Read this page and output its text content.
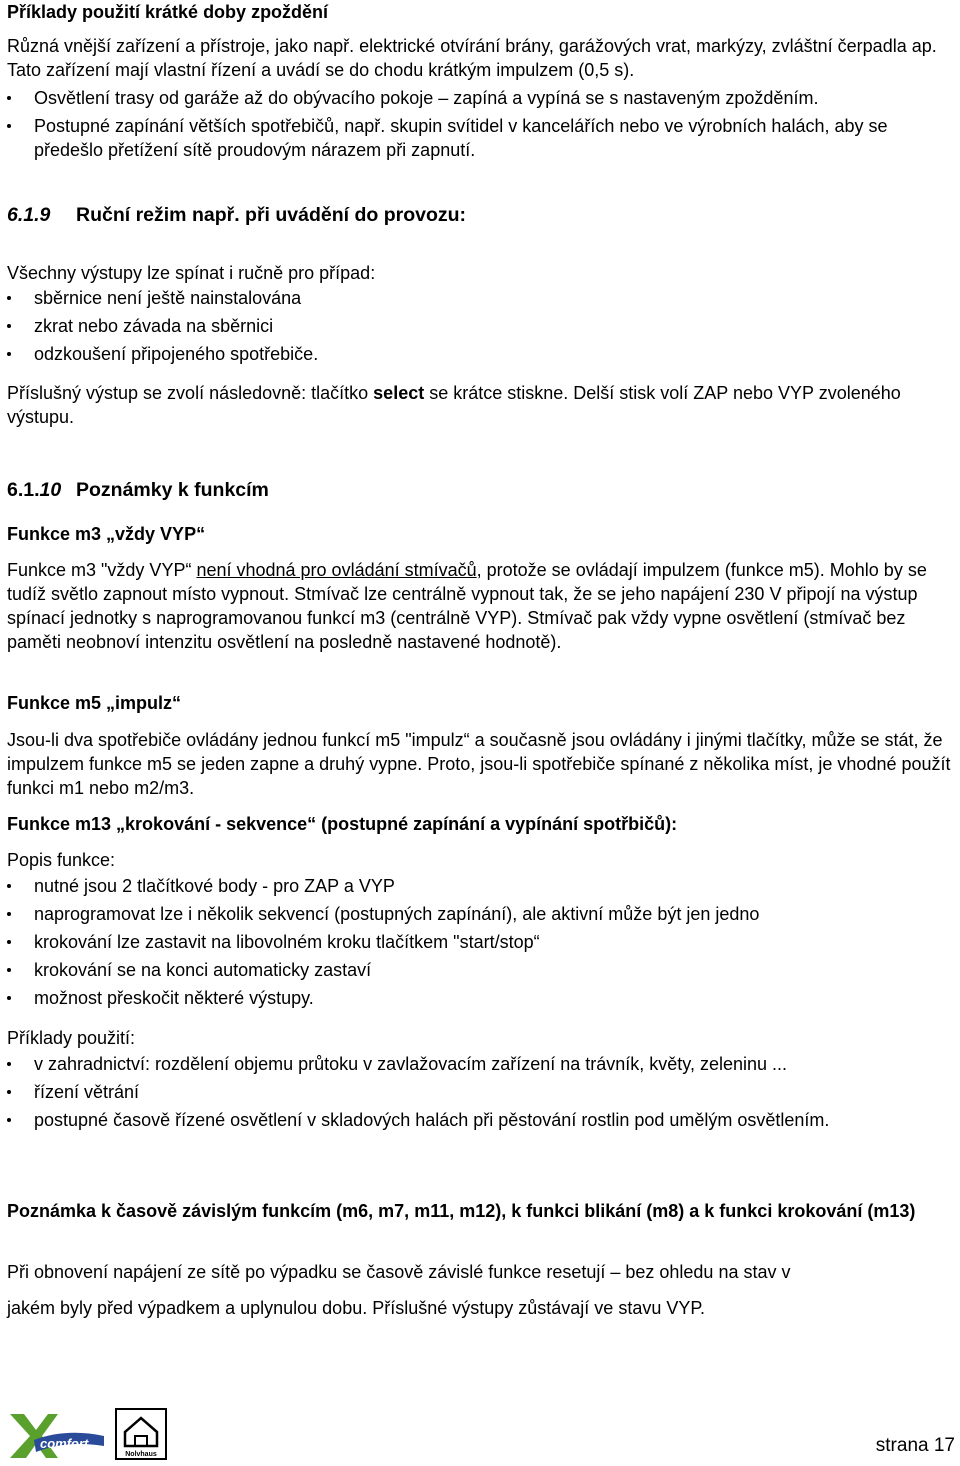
Příklady použití krátké doby zpoždění

Různá vnější zařízení a přístroje, jako např. elektrické otvírání brány, garážových vrat, markýzy, zvláštní čerpadla ap. Tato zařízení mají vlastní řízení a uvádí se do chodu krátkým impulzem (0,5 s).

Osvětlení trasy od garáže až do obývacího pokoje – zapíná a vypíná se s nastaveným zpožděním.
Postupné zapínání větších spotřebičů, např. skupin svítidel v kancelářích nebo ve výrobních halách, aby se předešlo přetížení sítě proudovým nárazem při zapnutí.

6.1.9 Ruční režim např. při uvádění do provozu:

Všechny výstupy lze spínat i ručně pro případ:

sběrnice není ještě nainstalována
zkrat nebo závada na sběrnici
odzkoušení připojeného spotřebiče.

Příslušný výstup se zvolí následovně: tlačítko select se krátce stiskne. Delší stisk volí ZAP nebo VYP zvoleného výstupu.

6.1.10 Poznámky k funkcím

Funkce m3 „vždy VYP“

Funkce m3 "vždy VYP“ není vhodná pro ovládání stmívačů, protože se ovládají impulzem (funkce m5). Mohlo by se tudíž světlo zapnout místo vypnout. Stmívač lze centrálně vypnout tak, že se jeho napájení 230 V připojí na výstup spínací jednotky s naprogramovanou funkcí m3 (centrálně VYP). Stmívač pak vždy vypne osvětlení (stmívač bez paměti neobnoví intenzitu osvětlení na posledně nastavené hodnotě).

Funkce m5 „impulz“

Jsou-li dva spotřebiče ovládány jednou funkcí m5 "impulz“ a současně jsou ovládány i jinými tlačítky, může se stát, že impulzem funkce m5 se jeden zapne a druhý vypne. Proto, jsou-li spotřebiče spínané z několika míst, je vhodné použít funkci m1 nebo m2/m3.

Funkce m13 „krokování - sekvence“ (postupné zapínání a vypínání spotřbičů):

Popis funkce:

nutné jsou 2 tlačítkové body - pro ZAP a VYP
naprogramovat lze i několik sekvencí (postupných zapínání), ale aktivní může být jen jedno
krokování lze zastavit na libovolném kroku tlačítkem "start/stop“
krokování se na konci automaticky zastaví
možnost přeskočit některé výstupy.

Příklady použití:

v zahradnictví: rozdělení objemu průtoku v zavlažovacím zařízení na trávník, květy, zeleninu ...
řízení větrání
postupné časově řízené osvětlení v skladových halách při pěstování rostlin pod umělým osvětlením.

Poznámka k časově závislým funkcím (m6, m7, m11, m12), k funkci blikání (m8) a k funkci krokování (m13)

Při obnovení napájení ze sítě po výpadku se časově závislé funkce resetují – bez ohledu na stav v

jakém byly před výpadkem a uplynulou dobu. Příslušné výstupy zůstávají ve stavu VYP.

comfort

Nolvhaus	strana 17
